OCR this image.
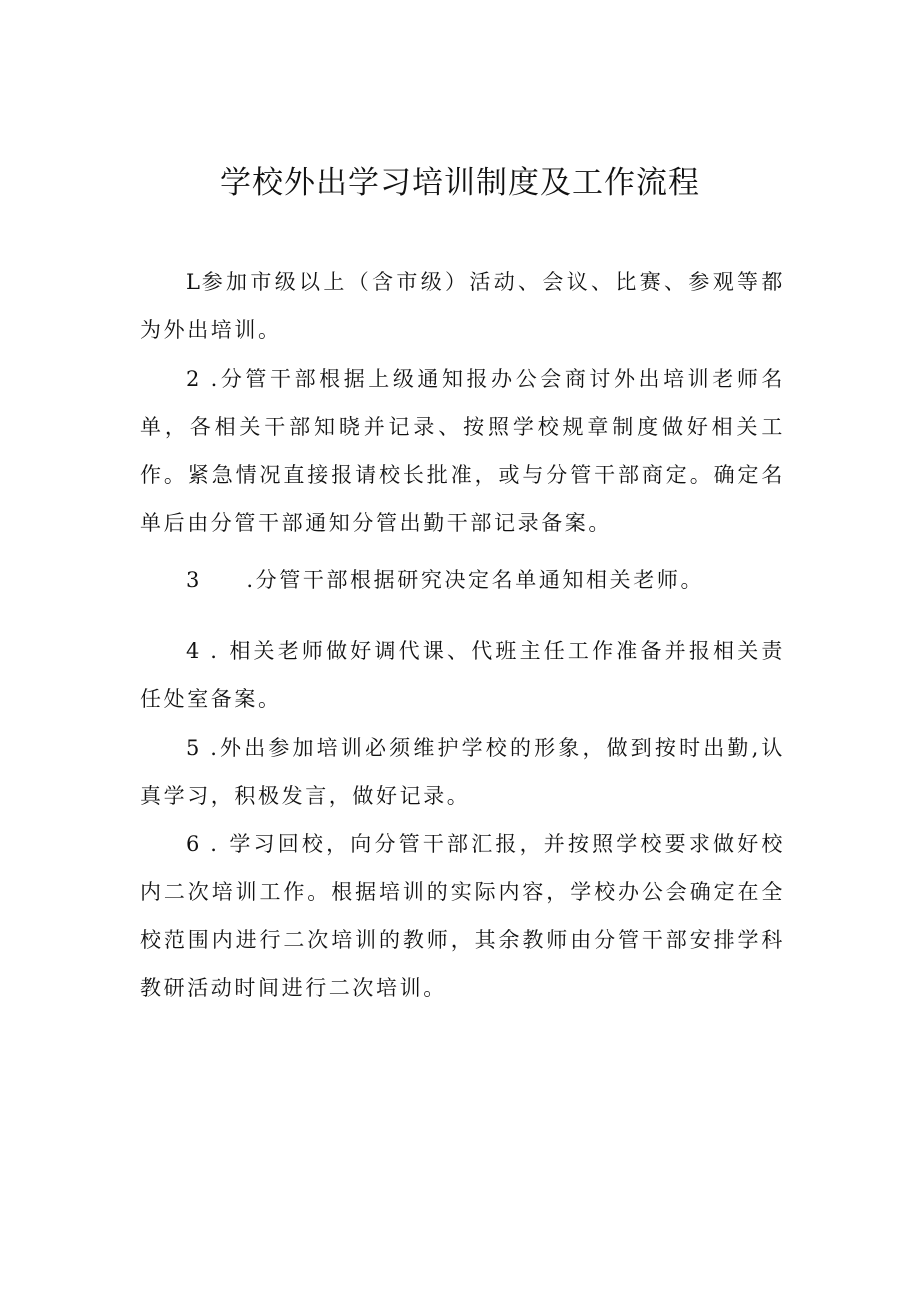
学校外出学习培训制度及工作流程

L参加市级以上（含市级）活动、会议、比赛、参观等都为外出培训。

2 .分管干部根据上级通知报办公会商讨外出培训老师名单，各相关干部知晓并记录、按照学校规章制度做好相关工作。紧急情况直接报请校长批准，或与分管干部商定。确定名单后由分管干部通知分管出勤干部记录备案。

3 .分管干部根据研究决定名单通知相关老师。

4 . 相关老师做好调代课、代班主任工作准备并报相关责任处室备案。

5 .外出参加培训必须维护学校的形象，做到按时出勤,认真学习，积极发言，做好记录。

6 . 学习回校，向分管干部汇报，并按照学校要求做好校内二次培训工作。根据培训的实际内容，学校办公会确定在全校范围内进行二次培训的教师，其余教师由分管干部安排学科教研活动时间进行二次培训。
